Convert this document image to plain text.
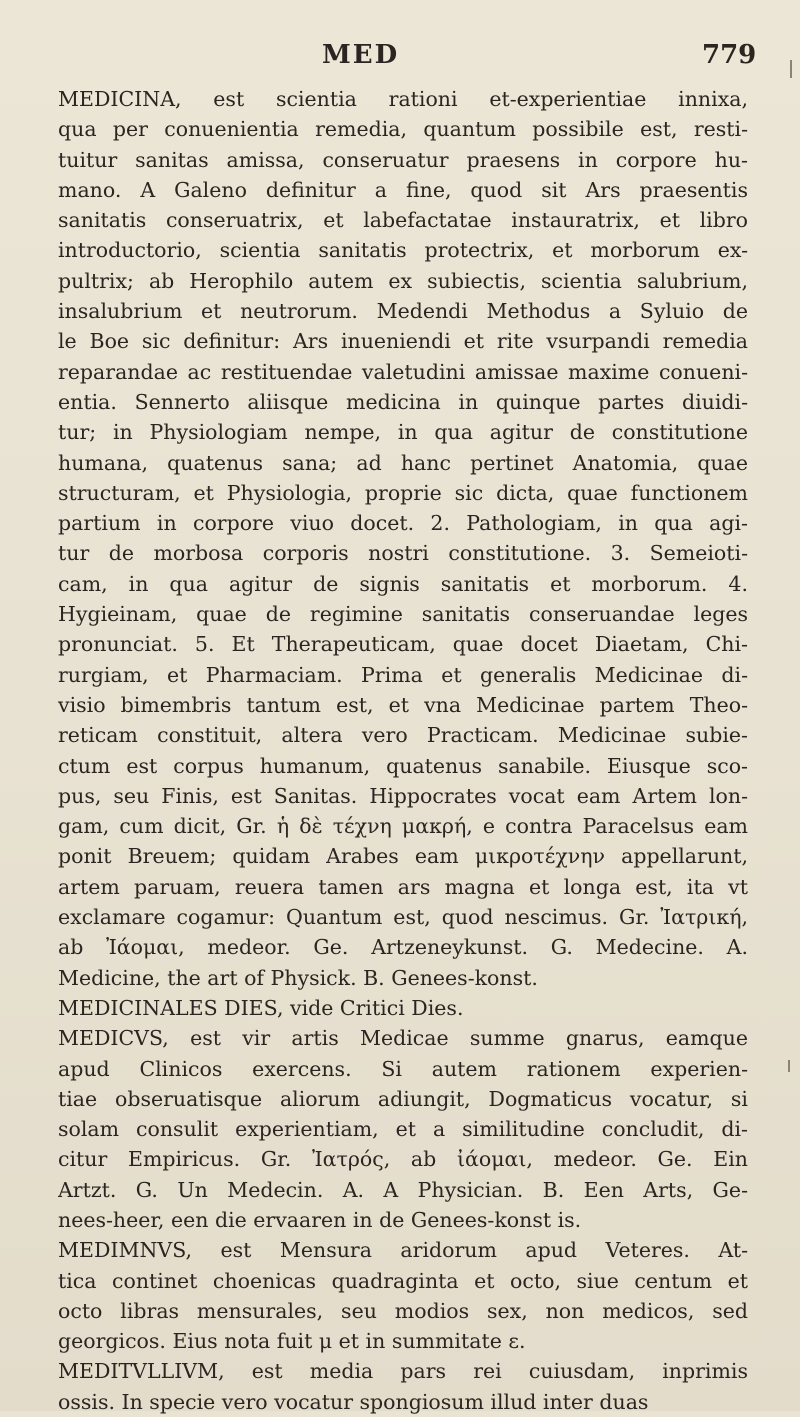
MED	779
MEDICINA, est scientia rationi et-experientiae innixa,
qua per conuenientia remedia, quantum possibile est, resti-
tuitur sanitas amissa, conseruatur praesens in corpore hu-
mano. A Galeno definitur a fine, quod sit Ars praesentis
sanitatis conseruatrix, et labefactatae instauratrix, et libro
introductorio, scientia sanitatis protectrix, et morborum ex-
pultrix; ab Herophilo autem ex subiectis, scientia salubrium,
insalubrium et neutrorum. Medendi Methodus a Syluio de
le Boe sic definitur: Ars inueniendi et rite vsurpandi remedia
reparandae ac restituendae valetudini amissae maxime conueni-
entia. Sennerto aliisque medicina in quinque partes diuidi-
tur; in Physiologiam nempe, in qua agitur de constitutione
humana, quatenus sana; ad hanc pertinet Anatomia, quae
structuram, et Physiologia, proprie sic dicta, quae functionem
partium in corpore viuo docet. 2. Pathologiam, in qua agi-
tur de morbosa corporis nostri constitutione. 3. Semeioti-
cam, in qua agitur de signis sanitatis et morborum. 4.
Hygieinam, quae de regimine sanitatis conseruandae leges
pronunciat. 5. Et Therapeuticam, quae docet Diaetam, Chi-
rurgiam, et Pharmaciam. Prima et generalis Medicinae di-
visio bimembris tantum est, et vna Medicinae partem Theo-
reticam constituit, altera vero Practicam. Medicinae subie-
ctum est corpus humanum, quatenus sanabile. Eiusque sco-
pus, seu Finis, est Sanitas. Hippocrates vocat eam Artem lon-
gam, cum dicit, Gr. ἡ δὲ τέχνη μακρή, e contra Paracelsus eam
ponit Breuem; quidam Arabes eam μικροτέχνην appellarunt,
artem paruam, reuera tamen ars magna et longa est, ita vt
exclamare cogamur: Quantum est, quod nescimus. Gr. Ἰατρική,
ab Ἰάομαι, medeor. Ge. Artzeneykunst. G. Medecine. A.
Medicine, the art of Physick. B. Genees-konst.
MEDICINALES DIES, vide Critici Dies.
MEDICVS, est vir artis Medicae summe gnarus, eamque
apud Clinicos exercens. Si autem rationem experien-
tiae obseruatisque aliorum adiungit, Dogmaticus vocatur, si
solam consulit experientiam, et a similitudine concludit, di-
citur Empiricus. Gr. Ἰατρός, ab ἰάομαι, medeor. Ge. Ein
Artzt. G. Un Medecin. A. A Physician. B. Een Arts, Ge-
nees-heer, een die ervaaren in de Genees-konst is.
MEDIMNVS, est Mensura aridorum apud Veteres. At-
tica continet choenicas quadraginta et octo, siue centum et
octo libras mensurales, seu modios sex, non medicos, sed
georgicos. Eius nota fuit μ et in summitate ε.
MEDITVLLIVM, est media pars rei cuiusdam, inprimis
ossis. In specie vero vocatur spongiosum illud inter duas
